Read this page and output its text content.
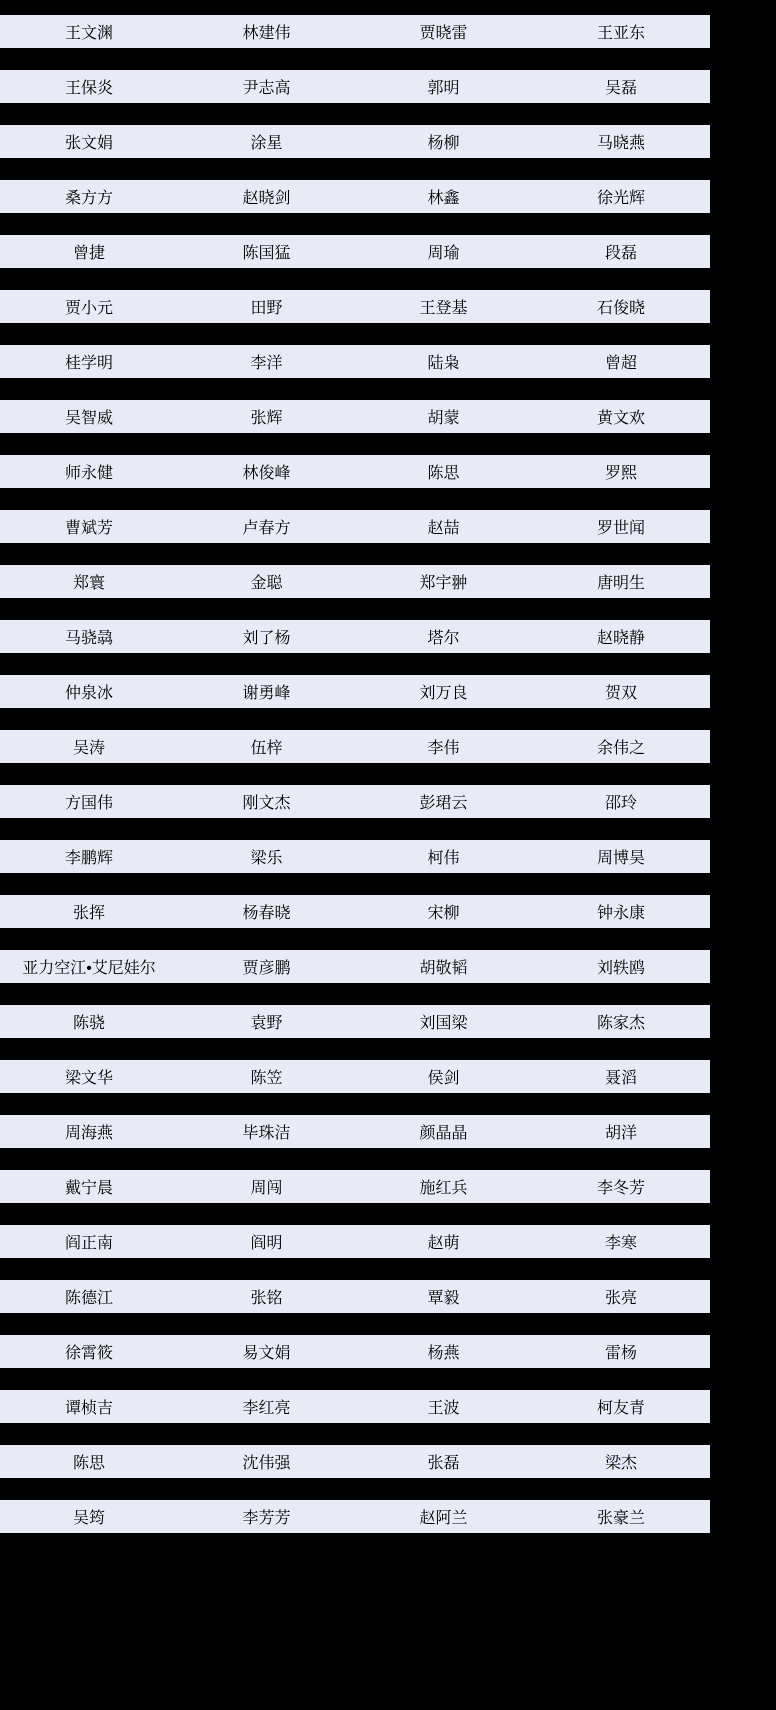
王文渊	林建伟	贾晓雷	王亚东

王保炎	尹志高	郭明	吴磊

张文娟	涂星	杨柳	马晓燕

桑方方	赵晓剑	林鑫	徐光辉

曾捷	陈国猛	周瑜	段磊

贾小元	田野	王登基	石俊晓

桂学明	李洋	陆枭	曾超

吴智威	张辉	胡蒙	黄文欢

师永健	林俊峰	陈思	罗熙

曹斌芳	卢春方	赵喆	罗世闻

郑寰	金聪	郑宇翀	唐明生

马骁骉	刘了杨	塔尔	赵晓静

仲泉冰	谢勇峰	刘万良	贺双

吴涛	伍梓	李伟	余伟之

方国伟	刚文杰	彭珺云	邵玲

李鹏辉	梁乐	柯伟	周博昊

张挥	杨春晓	宋柳	钟永康

亚力空江•艾尼娃尔	贾彦鹏	胡敬韬	刘轶鸥

陈骁	袁野	刘国梁	陈家杰

梁文华	陈笠	侯剑	聂滔

周海燕	毕珠洁	颜晶晶	胡洋

戴宁晨	周闯	施红兵	李冬芳

阎正南	阎明	赵萌	李寒

陈德江	张铭	覃毅	张亮

徐霄筱	易文娟	杨燕	雷杨

谭桢吉	李红亮	王波	柯友青

陈思	沈伟强	张磊	梁杰

吴筠	李芳芳	赵阿兰	张豪兰
